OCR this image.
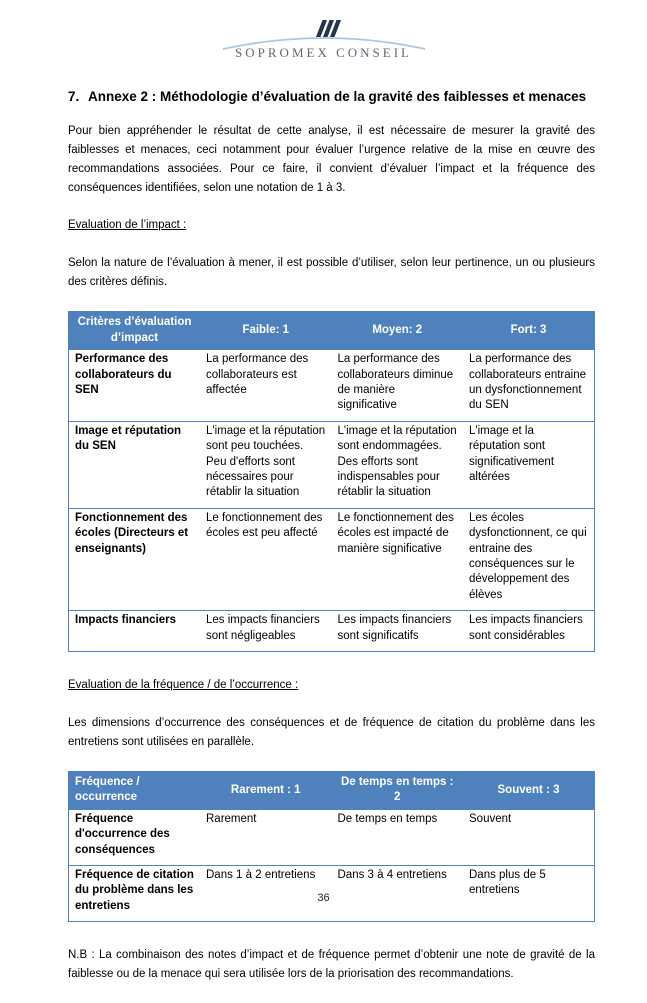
SOPROMEX CONSEIL
7. Annexe 2 : Méthodologie d’évaluation de la gravité des faiblesses et menaces

Pour bien appréhender le résultat de cette analyse, il est nécessaire de mesurer la gravité des faiblesses et menaces, ceci notamment pour évaluer l’urgence relative de la mise en œuvre des recommandations associées. Pour ce faire, il convient d’évaluer l’impact et la fréquence des conséquences identifiées, selon une notation de 1 à 3.

Evaluation de l’impact :

Selon la nature de l’évaluation à mener, il est possible d’utiliser, selon leur pertinence, un ou plusieurs des critères définis.

Critères d’évaluation d’impact	Faible: 1	Moyen: 2	Fort: 3
Performance des collaborateurs du SEN	La performance des collaborateurs est affectée	La performance des collaborateurs diminue de manière significative	La performance des collaborateurs entraine un dysfonctionnement du SEN
Image et réputation du SEN	L'image et la réputation sont peu touchées. Peu d'efforts sont nécessaires pour rétablir la situation	L'image et la réputation sont endommagées. Des efforts sont indispensables pour rétablir la situation	L'image et la réputation sont significativement altérées
Fonctionnement des écoles (Directeurs et enseignants)	Le fonctionnement des écoles est peu affecté	Le fonctionnement des écoles est impacté de manière significative	Les écoles dysfonctionnent, ce qui entraine des conséquences sur le développement des élèves
Impacts financiers	Les impacts financiers sont négligeables	Les impacts financiers sont significatifs	Les impacts financiers sont considérables

Evaluation de la fréquence / de l’occurrence :

Les dimensions d’occurrence des conséquences et de fréquence de citation du problème dans les entretiens sont utilisées en parallèle.

Fréquence / occurrence	Rarement : 1	De temps en temps : 2	Souvent : 3
Fréquence d'occurrence des conséquences	Rarement	De temps en temps	Souvent
Fréquence de citation du problème dans les entretiens	Dans 1 à 2 entretiens	Dans 3 à 4 entretiens	Dans plus de 5 entretiens

N.B : La combinaison des notes d’impact et de fréquence permet d’obtenir une note de gravité de la faiblesse ou de la menace qui sera utilisée lors de la priorisation des recommandations.

36
